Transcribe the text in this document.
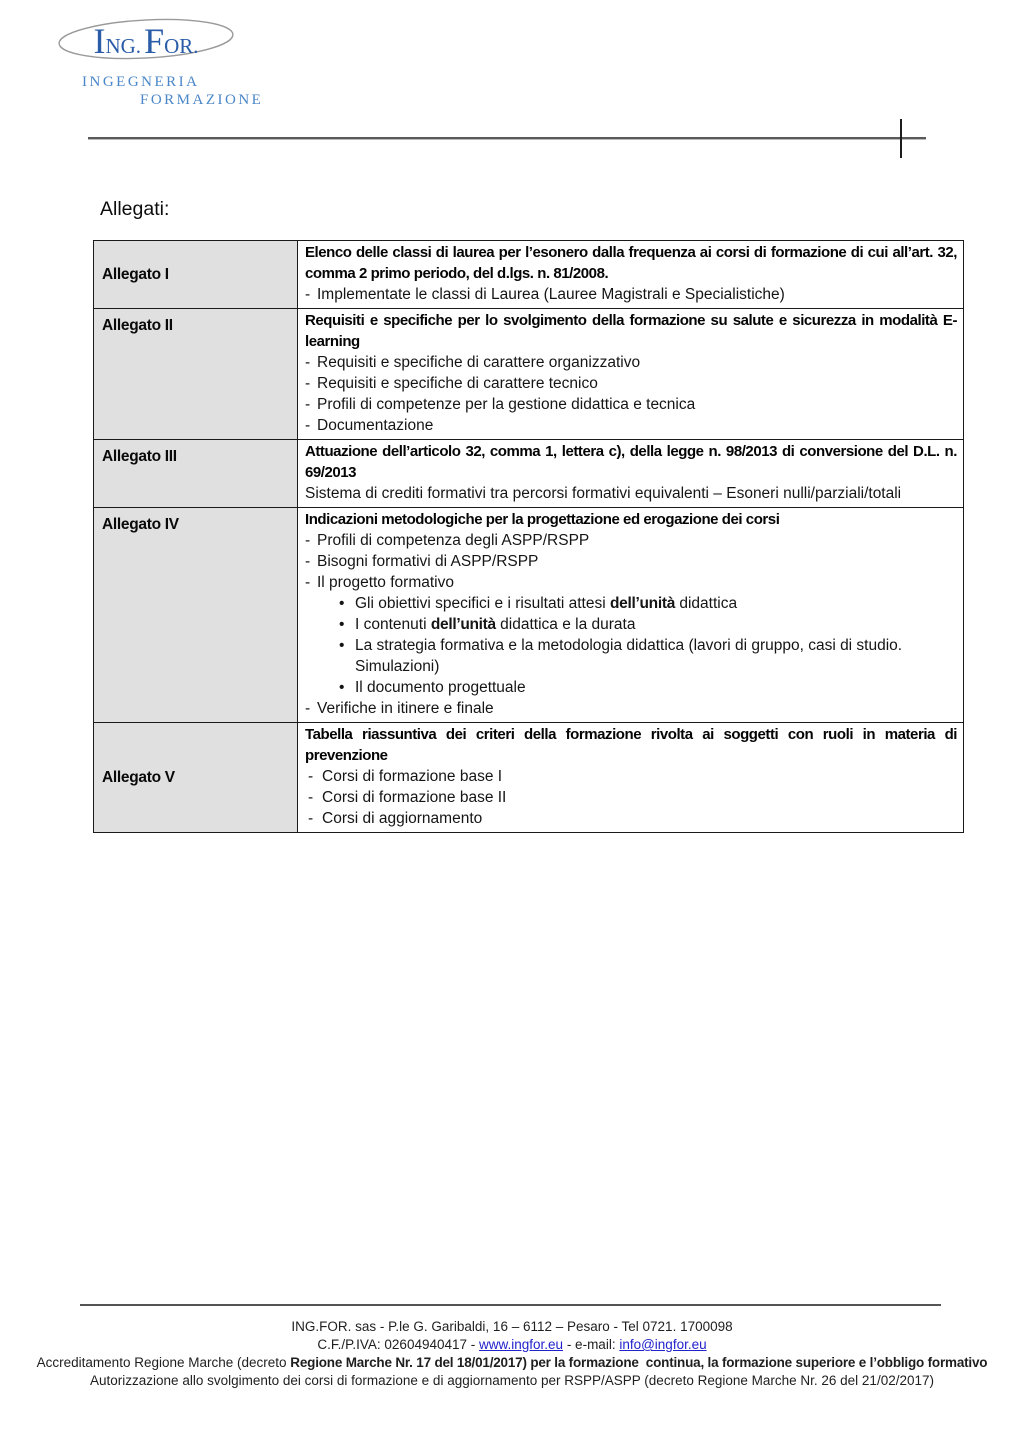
ING.FOR.
INGEGNERIA
FORMAZIONE
Allegati:
Allegato I	Elenco delle classi di laurea per l’esonero dalla frequenza ai corsi di formazione di cui all’art. 32, comma 2 primo periodo, del d.lgs. n. 81/2008.
- Implementate le classi di Laurea (Lauree Magistrali e Specialistiche)

Allegato II	Requisiti e specifiche per lo svolgimento della formazione su salute e sicurezza in modalità E-learning
- Requisiti e specifiche di carattere organizzativo
- Requisiti e specifiche di carattere tecnico
- Profili di competenze per la gestione didattica e tecnica
- Documentazione

Allegato III	Attuazione dell’articolo 32, comma 1, lettera c), della legge n. 98/2013 di conversione del D.L. n. 69/2013
Sistema di crediti formativi tra percorsi formativi equivalenti – Esoneri nulli/parziali/totali

Allegato IV	Indicazioni metodologiche per la progettazione ed erogazione dei corsi
- Profili di competenza degli ASPP/RSPP
- Bisogni formativi di ASPP/RSPP
- Il progetto formativo
• Gli obiettivi specifici e i risultati attesi dell’unità didattica
• I contenuti dell’unità didattica e la durata
• La strategia formativa e la metodologia didattica (lavori di gruppo, casi di studio. Simulazioni)
• Il documento progettuale
- Verifiche in itinere e finale

Allegato V	Tabella riassuntiva dei criteri della formazione rivolta ai soggetti con ruoli in materia di prevenzione
- Corsi di formazione base I
- Corsi di formazione base II
- Corsi di aggiornamento
ING.FOR. sas - P.le G. Garibaldi, 16 – 6112 – Pesaro - Tel 0721. 1700098
C.F./P.IVA: 02604940417 - www.ingfor.eu - e-mail: info@ingfor.eu
Accreditamento Regione Marche (decreto Regione Marche Nr. 17 del 18/01/2017) per la formazione  continua, la formazione superiore e l’obbligo formativo
Autorizzazione allo svolgimento dei corsi di formazione e di aggiornamento per RSPP/ASPP (decreto Regione Marche Nr. 26 del 21/02/2017)
